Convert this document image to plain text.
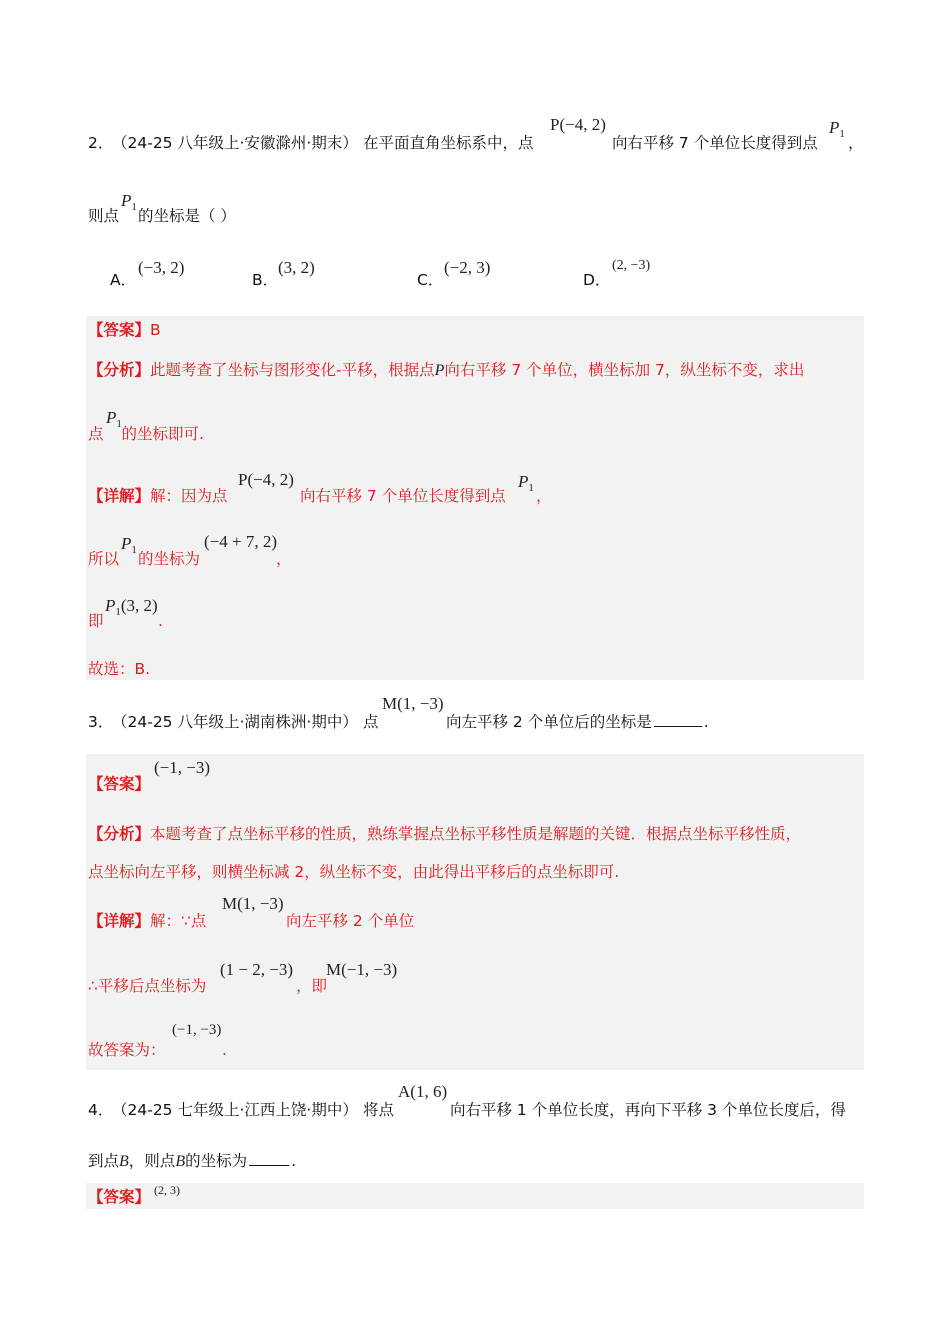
2．
（24-25 八年级上·安徽滁州·期末） 在平面直角坐标系中，点
P(−4, 2)
向右平移 7 个单位长度得到点
$P_1$ ，
则点
$P_1$ 的坐标是（ ）
A．
(−3, 2)
B．
(3, 2)
C．
(−2, 3)
D．
(2, −3)
【答案】B
【分析】此题考查了坐标与图形变化-平移，根据点P向右平移 7 个单位，横坐标加 7，纵坐标不变，求出
$P_1$
点 的坐标即可.
【详解】解：因为点
P(−4, 2)
向右平移 7 个单位长度得到点
$P_1$ ，
所以
$P_1$ 的坐标为
(−4 + 7, 2)
，
即
$P_1(3$, 2)
.
故选：B.
3．
（24-25 八年级上·湖南株洲·期中） 点
M(1, −3)
向左平移 2 个单位后的坐标是	.
【答案】
(−1, −3)
【分析】本题考查了点坐标平移的性质，熟练掌握点坐标平移性质是解题的关键．根据点坐标平移性质，
点坐标向左平移，则横坐标减 2，纵坐标不变，由此得出平移后的点坐标即可.
【详解】解：∵点
M(1, −3)
向左平移 2 个单位
∴平移后点坐标为
(1 − 2, −3)
，即
M(−1, −3)
故答案为：
(−1, −3)
.
4．
（24-25 七年级上·江西上饶·期中） 将点
A(1, 6)
向右平移 1 个单位长度，再向下平移 3 个单位长度后，得
到点B，则点B的坐标为	.
【答案】 (2, 3)
